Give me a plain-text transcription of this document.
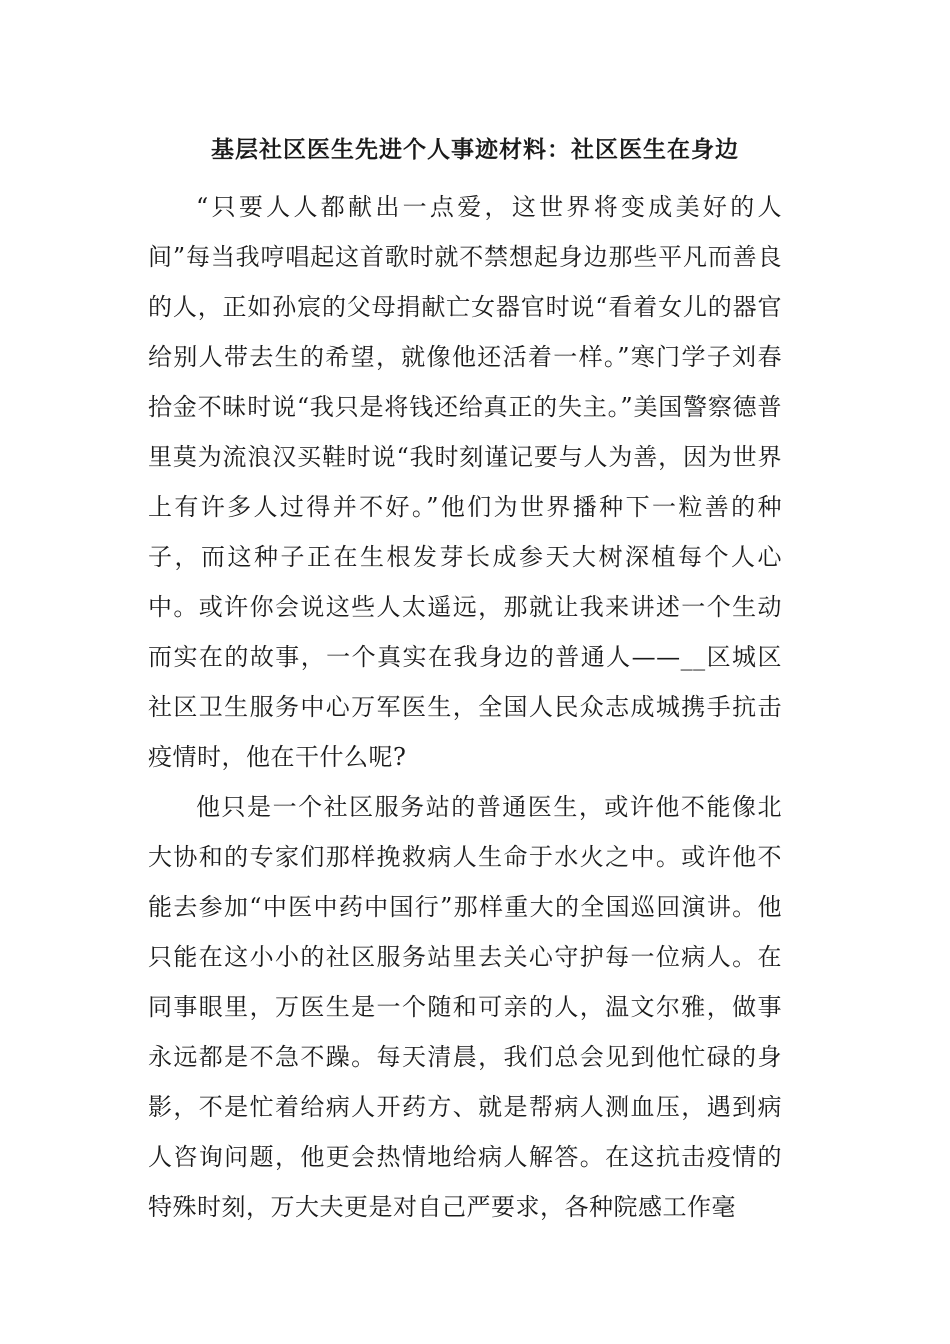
基层社区医生先进个人事迹材料：社区医生在身边

“只要人人都献出一点爱，这世界将变成美好的人间”每当我哼唱起这首歌时就不禁想起身边那些平凡而善良的人，正如孙宸的父母捐献亡女器官时说“看着女儿的器官给别人带去生的希望，就像他还活着一样。”寒门学子刘春拾金不昧时说“我只是将钱还给真正的失主。”美国警察德普里莫为流浪汉买鞋时说“我时刻谨记要与人为善，因为世界上有许多人过得并不好。”他们为世界播种下一粒善的种子，而这种子正在生根发芽长成参天大树深植每个人心中。或许你会说这些人太遥远，那就让我来讲述一个生动而实在的故事，一个真实在我身边的普通人——__区城区社区卫生服务中心万军医生，全国人民众志成城携手抗击疫情时，他在干什么呢?

他只是一个社区服务站的普通医生，或许他不能像北大协和的专家们那样挽救病人生命于水火之中。或许他不能去参加“中医中药中国行”那样重大的全国巡回演讲。他只能在这小小的社区服务站里去关心守护每一位病人。在同事眼里，万医生是一个随和可亲的人，温文尔雅，做事永远都是不急不躁。每天清晨，我们总会见到他忙碌的身影，不是忙着给病人开药方、就是帮病人测血压，遇到病人咨询问题，他更会热情地给病人解答。在这抗击疫情的特殊时刻，万大夫更是对自己严要求，各种院感工作毫
